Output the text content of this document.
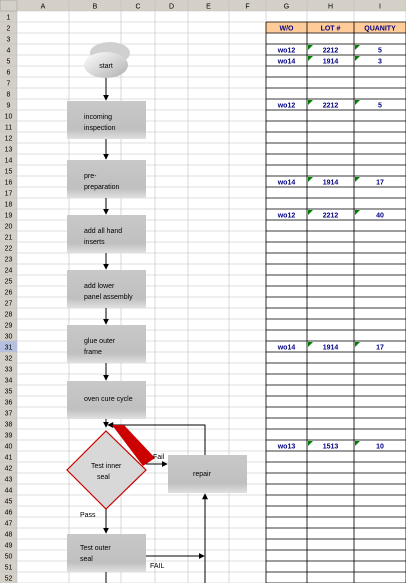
A	B	C	D	E	F	G	H	I
1
2
3
4
5
6
7
8
9
10
11
12
13
14
15
16
17
18
19
20
21
22
23
24
25
26
27
28
29
30
31
32
33
34
35
36
37
38
39
40
41
42
43
44
45
46
47
48
49
50
51
52
W/O	LOT #	QUANITY
wo12	2212	5
wo14	1914	3
wo12	2212	5
wo14	1914	17
wo12	2212	40
wo14	1914	17
wo13	1513	10
start
incoming
inspection
pre-
preparation
add all hand
inserts
add lower
panel assembly
glue outer
frame
oven cure cycle
Test inner
seal
Fail
repair
Pass
Test outer
seal
FAIL
